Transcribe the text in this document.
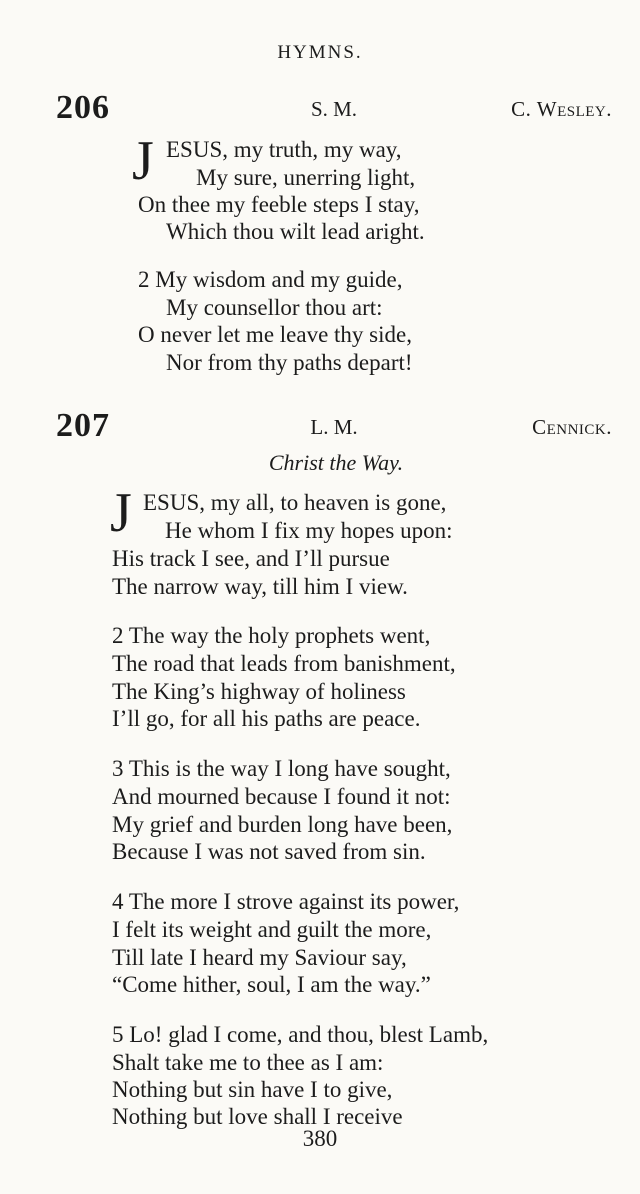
HYMNS.
206	S. M.	C. Wesley.
J ESUS, my truth, my way,
My sure, unerring light,
On thee my feeble steps I stay,
Which thou wilt lead aright.
2 My wisdom and my guide,
My counsellor thou art:
O never let me leave thy side,
Nor from thy paths depart!
207	L. M.	Cennick.
Christ the Way.
J ESUS, my all, to heaven is gone,
He whom I fix my hopes upon:
His track I see, and I’ll pursue
The narrow way, till him I view.
2 The way the holy prophets went,
The road that leads from banishment,
The King’s highway of holiness
I’ll go, for all his paths are peace.
3 This is the way I long have sought,
And mourned because I found it not:
My grief and burden long have been,
Because I was not saved from sin.
4 The more I strove against its power,
I felt its weight and guilt the more,
Till late I heard my Saviour say,
“Come hither, soul, I am the way.”
5 Lo! glad I come, and thou, blest Lamb,
Shalt take me to thee as I am:
Nothing but sin have I to give,
Nothing but love shall I receive
380
